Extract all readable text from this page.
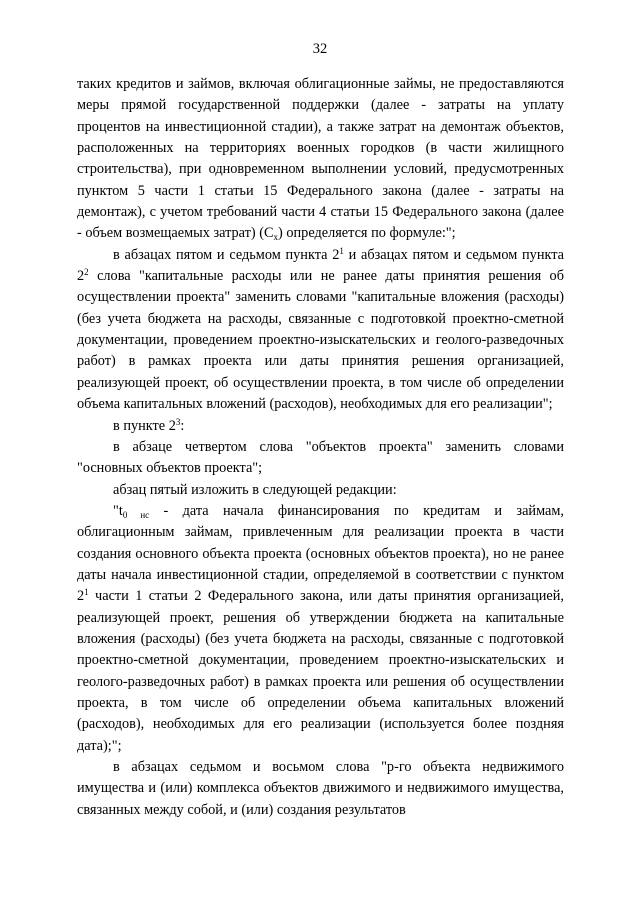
32

таких кредитов и займов, включая облигационные займы, не предоставляются меры прямой государственной поддержки (далее - затраты на уплату процентов на инвестиционной стадии), а также затрат на демонтаж объектов, расположенных на территориях военных городков (в части жилищного строительства), при одновременном выполнении условий, предусмотренных пунктом 5 части 1 статьи 15 Федерального закона (далее - затраты на демонтаж), с учетом требований части 4 статьи 15 Федерального закона (далее - объем возмещаемых затрат) $(С_х)$ определяется по формуле:";

в абзацах пятом и седьмом пункта $2^1$ и абзацах пятом и седьмом пункта $2^2$ слова "капитальные расходы или не ранее даты принятия решения об осуществлении проекта" заменить словами "капитальные вложения (расходы) (без учета бюджета на расходы, связанные с подготовкой проектно-сметной документации, проведением проектно-изыскательских и геолого-разведочных работ) в рамках проекта или даты принятия решения организацией, реализующей проект, об осуществлении проекта, в том числе об определении объема капитальных вложений (расходов), необходимых для его реализации";

в пункте $2^3$:

в абзаце четвертом слова "объектов проекта" заменить словами "основных объектов проекта";

абзац пятый изложить в следующей редакции:

"$t_{0 нс}$ - дата начала финансирования по кредитам и займам, облигационным займам, привлеченным для реализации проекта в части создания основного объекта проекта (основных объектов проекта), но не ранее даты начала инвестиционной стадии, определяемой в соответствии с пунктом $2^1$ части 1 статьи 2 Федерального закона, или даты принятия организацией, реализующей проект, решения об утверждении бюджета на капитальные вложения (расходы) (без учета бюджета на расходы, связанные с подготовкой проектно-сметной документации, проведением проектно-изыскательских и геолого-разведочных работ) в рамках проекта или решения об осуществлении проекта, в том числе об определении объема капитальных вложений (расходов), необходимых для его реализации (используется более поздняя дата);";

в абзацах седьмом и восьмом слова "р-го объекта недвижимого имущества и (или) комплекса объектов движимого и недвижимого имущества, связанных между собой, и (или) создания результатов
